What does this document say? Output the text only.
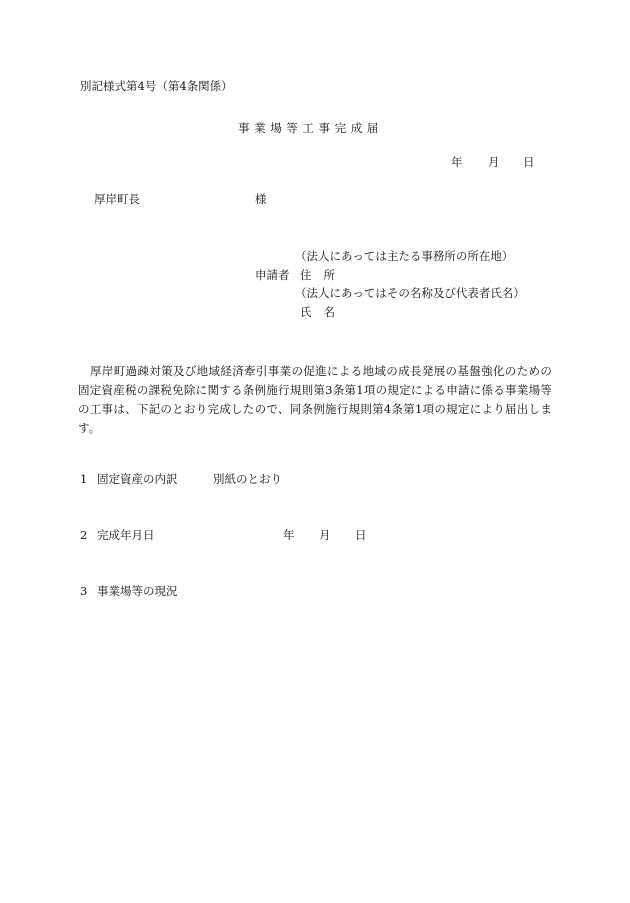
別記様式第4号（第4条関係）
事業場等工事完成届
年 月 日
厚岸町長	様
（法人にあっては主たる事務所の所在地）
申請者 住所
（法人にあってはその名称及び代表者氏名）
氏名

厚岸町過疎対策及び地域経済牽引事業の促進による地域の成長発展の基盤強化のための固定資産税の課税免除に関する条例施行規則第3条第1項の規定による申請に係る事業場等の工事は、下記のとおり完成したので、同条例施行規則第4条第1項の規定により届出します。

1 固定資産の内訳	別紙のとおり
2 完成年月日	年 月 日
3 事業場等の現況
